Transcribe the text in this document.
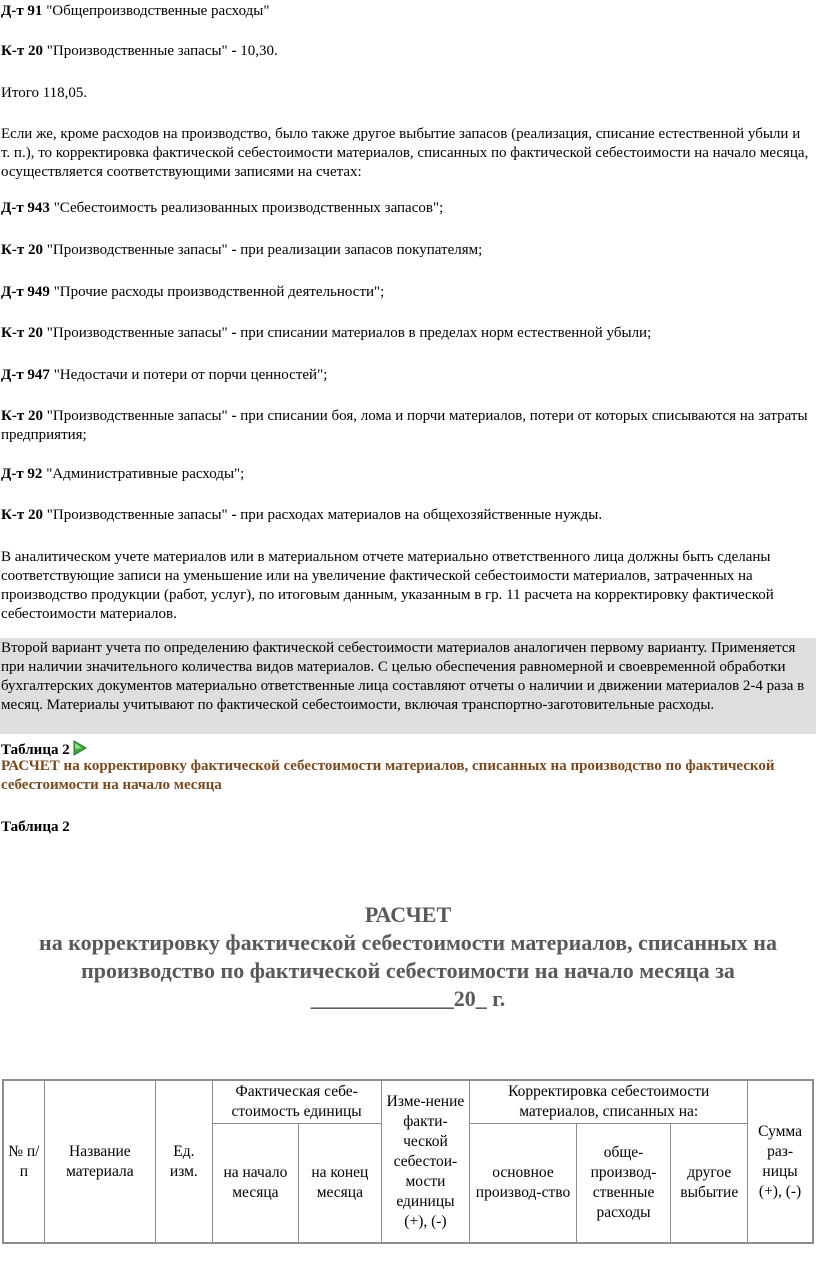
Д-т 91 "Общепроизводственные расходы"

К-т 20 "Производственные запасы" - 10,30.

Итого 118,05.

Если же, кроме расходов на производство, было также другое выбытие запасов (реализация, списание естественной убыли и т. п.), то корректировка фактической себестоимости материалов, списанных по фактической себестоимости на начало месяца, осуществляется соответствующими записями на счетах:

Д-т 943 "Себестоимость реализованных производственных запасов";

К-т 20 "Производственные запасы" - при реализации запасов покупателям;

Д-т 949 "Прочие расходы производственной деятельности";

К-т 20 "Производственные запасы" - при списании материалов в пределах норм естественной убыли;

Д-т 947 "Недостачи и потери от порчи ценностей";

К-т 20 "Производственные запасы" - при списании боя, лома и порчи материалов, потери от которых списываются на затраты предприятия;

Д-т 92 "Административные расходы";

К-т 20 "Производственные запасы" - при расходах материалов на общехозяйственные нужды.

В аналитическом учете материалов или в материальном отчете материально ответственного лица должны быть сделаны соответствующие записи на уменьшение или на увеличение фактической себестоимости материалов, затраченных на производство продукции (работ, услуг), по итоговым данным, указанным в гр. 11 расчета на корректировку фактической себестоимости материалов.

Второй вариант учета по определению фактической себестоимости материалов аналогичен первому варианту. Применяется при наличии значительного количества видов материалов. С целью обеспечения равномерной и своевременной обработки бухгалтерских документов материально ответственные лица составляют отчеты о наличии и движении материалов 2-4 раза в месяц. Материалы учитывают по фактической себестоимости, включая транспортно-заготовительные расходы.

Таблица 2

РАСЧЕТ на корректировку фактической себестоимости материалов, списанных на производство по фактической себестоимости на начало месяца

Таблица 2

РАСЧЕТ
на корректировку фактической себестоимости материалов, списанных на
производство по фактической себестоимости на начало месяца за
_____________20_ г.
№ п/п	Название материала	Ед. изм.	Фактическая себе-стоимость единицы		Изме-нение факти-ческой себестои-мости единицы (+), (-)	Корректировка себестоимости материалов, списанных на:			Сумма раз-ницы (+), (-)
			на начало месяца	на конец месяца		основное производ-ство	обще-производ-ственные расходы	другое выбытие	
